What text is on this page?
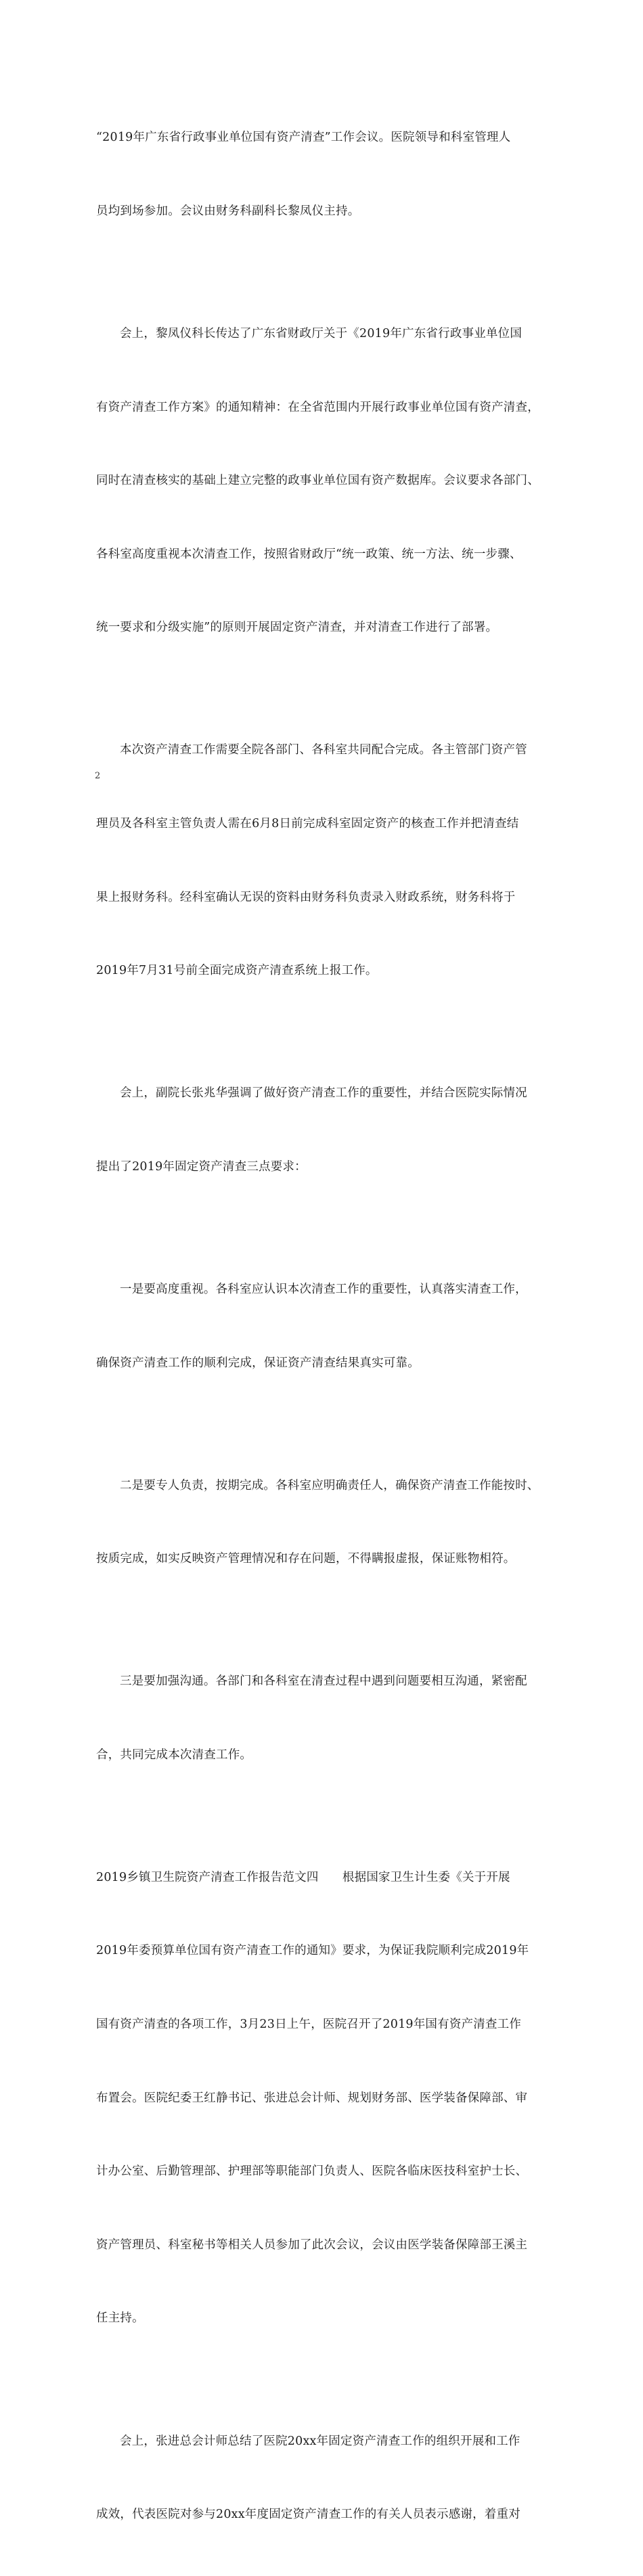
“2019年广东省行政事业单位国有资产清查”工作会议。医院领导和科室管理人

员均到场参加。会议由财务科副科长黎凤仪主持。

会上，黎凤仪科长传达了广东省财政厅关于《2019年广东省行政事业单位国

有资产清查工作方案》的通知精神：在全省范围内开展行政事业单位国有资产清查，

同时在清查核实的基础上建立完整的政事业单位国有资产数据库。会议要求各部门、

各科室高度重视本次清查工作，按照省财政厅“统一政策、统一方法、统一步骤、

统一要求和分级实施”的原则开展固定资产清查，并对清查工作进行了部署。

本次资产清查工作需要全院各部门、各科室共同配合完成。各主管部门资产管

理员及各科室主管负责人需在6月8日前完成科室固定资产的核查工作并把清查结

果上报财务科。经科室确认无误的资料由财务科负责录入财政系统，财务科将于

2019年7月31号前全面完成资产清查系统上报工作。

会上，副院长张兆华强调了做好资产清查工作的重要性，并结合医院实际情况

提出了2019年固定资产清查三点要求：

一是要高度重视。各科室应认识本次清查工作的重要性，认真落实清查工作，

确保资产清查工作的顺利完成，保证资产清查结果真实可靠。

二是要专人负责，按期完成。各科室应明确责任人，确保资产清查工作能按时、

按质完成，如实反映资产管理情况和存在问题，不得瞒报虚报，保证账物相符。

三是要加强沟通。各部门和各科室在清查过程中遇到问题要相互沟通，紧密配

合，共同完成本次清查工作。

2019乡镇卫生院资产清查工作报告范文四　　根据国家卫生计生委《关于开展

2019年委预算单位国有资产清查工作的通知》要求，为保证我院顺利完成2019年

国有资产清查的各项工作，3月23日上午，医院召开了2019年国有资产清查工作

布置会。医院纪委王红静书记、张进总会计师、规划财务部、医学装备保障部、审

计办公室、后勤管理部、护理部等职能部门负责人、医院各临床医技科室护士长、

资产管理员、科室秘书等相关人员参加了此次会议，会议由医学装备保障部王溪主

任主持。

会上，张进总会计师总结了医院20xx年固定资产清查工作的组织开展和工作

成效，代表医院对参与20xx年度固定资产清查工作的有关人员表示感谢，着重对

2
